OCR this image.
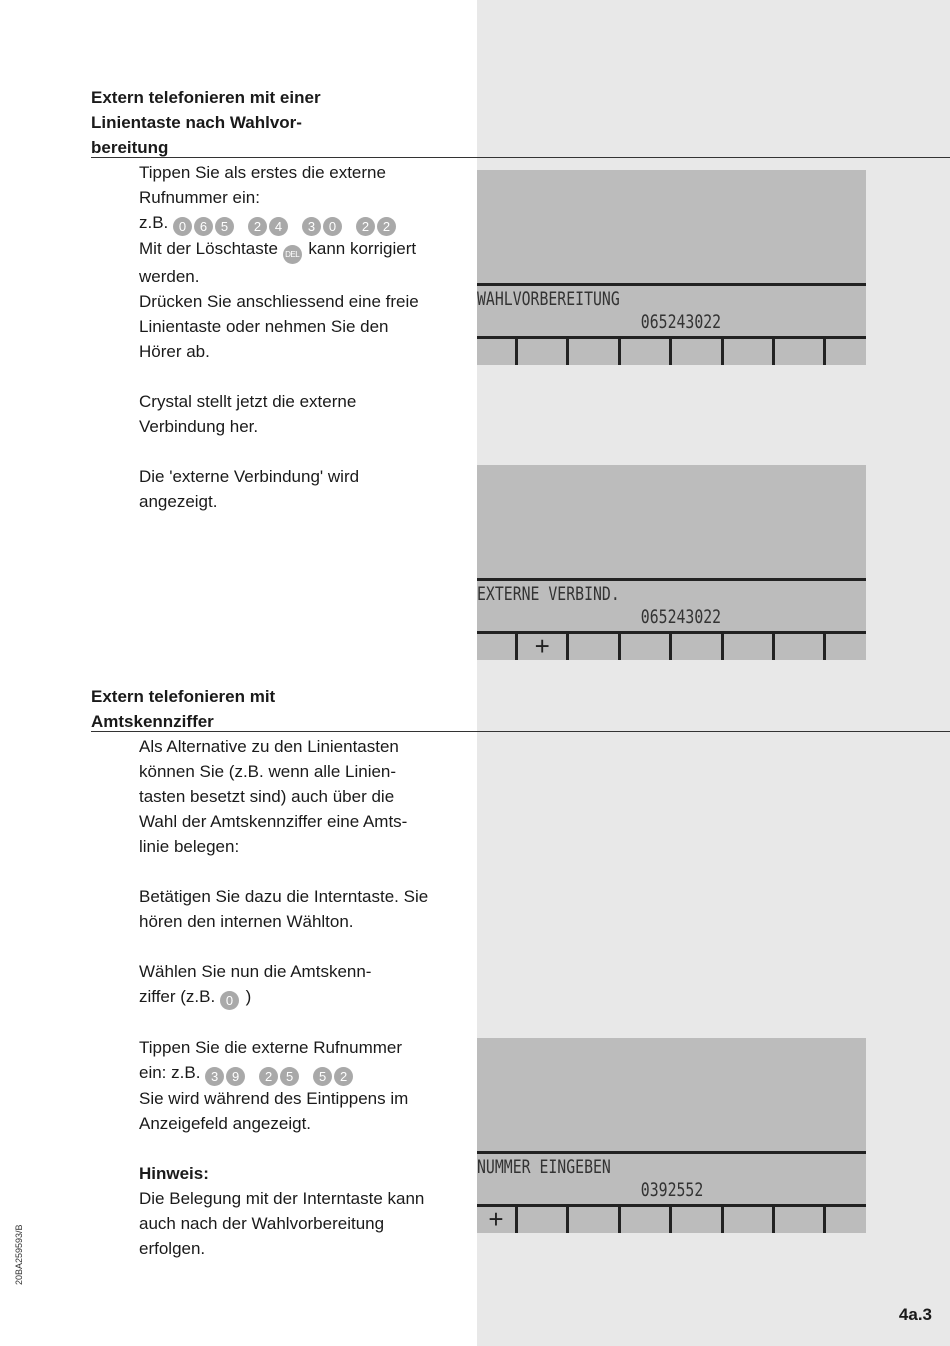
Extern telefonieren mit einer
Linientaste nach Wahlvor-
bereitung

Tippen Sie als erstes die externe

Rufnummer ein:

z.B. 0 6 5 2 4 3 0 2 2

Mit der Löschtaste DEL kann korrigiert

werden.

Drücken Sie anschliessend eine freie

Linientaste oder nehmen Sie den

Hörer ab.

Crystal stellt jetzt die externe

Verbindung her.

Die 'externe Verbindung' wird

angezeigt.

WAHLVORBEREITUNG
065243022
EXTERNE VERBIND.
065243022
+
Extern telefonieren mit
Amtskennziffer

Als Alternative zu den Linientasten

können Sie (z.B. wenn alle Linien-

tasten besetzt sind) auch über die

Wahl der Amtskennziffer eine Amts-

linie belegen:

Betätigen Sie dazu die Interntaste. Sie

hören den internen Wählton.

Wählen Sie nun die Amtskenn-

ziffer (z.B. 0 )

Tippen Sie die externe Rufnummer

ein: z.B. 3 9 2 5 5 2

Sie wird während des Eintippens im

Anzeigefeld angezeigt.

Hinweis:

Die Belegung mit der Interntaste kann

auch nach der Wahlvorbereitung

erfolgen.

NUMMER EINGEBEN
0392552
+
20BA259593/B
4a.3
